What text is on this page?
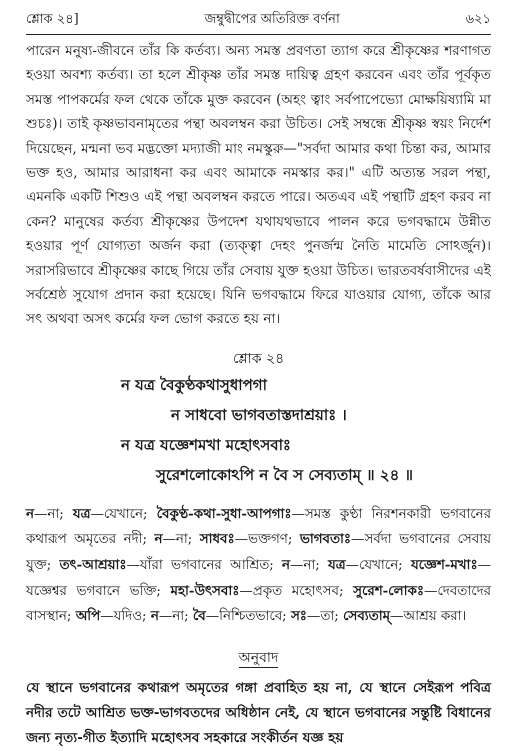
শ্লোক ২৪]	জম্বুদ্বীপের অতিরিক্ত বর্ণনা	৬২১

পারেন মনুষ্য-জীবনে তাঁর কি কর্তব্য। অন্য সমস্ত প্রবণতা ত্যাগ করে শ্রীকৃষ্ণের শরণাগত হওয়া অবশ্য কর্তব্য। তা হলে শ্রীকৃষ্ণ তাঁর সমস্ত দায়িত্ব গ্রহণ করবেন এবং তাঁর পূর্বকৃত সমস্ত পাপকর্মের ফল থেকে তাঁকে মুক্ত করবেন (অহং ত্বাং সর্বপাপেভ্যো মোক্ষয়িষ্যামি মা শুচঃ)। তাই কৃষ্ণভাবনামৃতের পন্থা অবলম্বন করা উচিত। সেই সম্বন্ধে শ্রীকৃষ্ণ স্বয়ং নির্দেশ দিয়েছেন, মন্মনা ভব মদ্ভক্তো মদ্যাজী মাং নমস্কুরু—"সর্বদা আমার কথা চিন্তা কর, আমার ভক্ত হও, আমার আরাধনা কর এবং আমাকে নমস্কার কর।" এটি অত্যন্ত সরল পন্থা, এমনকি একটি শিশুও এই পন্থা অবলম্বন করতে পারে। অতএব এই পন্থাটি গ্রহণ করব না কেন? মানুষের কর্তব্য শ্রীকৃষ্ণের উপদেশ যথাযথভাবে পালন করে ভগবদ্ধামে উন্নীত হওয়ার পূর্ণ যোগ্যতা অর্জন করা (ত্যক্ত্বা দেহং পুনর্জন্ম নৈতি মামেতি সোঽর্জুন)। সরাসরিভাবে শ্রীকৃষ্ণের কাছে গিয়ে তাঁর সেবায় যুক্ত হওয়া উচিত। ভারতবর্ষবাসীদের এই সর্বশ্রেষ্ঠ সুযোগ প্রদান করা হয়েছে। যিনি ভগবদ্ধামে ফিরে যাওয়ার যোগ্য, তাঁকে আর সৎ অথবা অসৎ কর্মের ফল ভোগ করতে হয় না।

শ্লোক ২৪
ন যত্র বৈকুণ্ঠকথাসুধাপগা
ন সাধবো ভাগবতাস্তদাশ্রয়াঃ ।
ন যত্র যজ্ঞেশমখা মহোৎসবাঃ
সুরেশলোকোঽপি ন বৈ স সেব্যতাম্‌ ॥ ২৪ ॥
ন—না; যত্র—যেখানে; বৈকুণ্ঠ-কথা-সুধা-আপগাঃ—সমস্ত কুণ্ঠা নিরশনকারী ভগবানের কথারূপ অমৃতের নদী; ন—না; সাধবঃ—ভক্তগণ; ভাগবতাঃ—সর্বদা ভগবানের সেবায় যুক্ত; তৎ-আশ্রয়াঃ—যাঁরা ভগবানের আশ্রিত; ন—না; যত্র—যেখানে; যজ্ঞেশ-মখাঃ—যজ্ঞেশ্বর ভগবানে ভক্তি; মহা-উৎসবাঃ—প্রকৃত মহোৎসব; সুরেশ-লোকঃ—দেবতাদের বাসস্থান; অপি—যদিও; ন—না; বৈ—নিশ্চিতভাবে; সঃ—তা; সেব্যতাম্‌—আশ্রয় করা।
অনুবাদ
যে স্থানে ভগবানের কথারূপ অমৃতের গঙ্গা প্রবাহিত হয় না, যে স্থানে সেইরূপ পবিত্র নদীর তটে আশ্রিত ভক্ত-ভাগবতদের অধিষ্ঠান নেই, যে স্থানে ভগবানের সন্তুষ্টি বিধানের জন্য নৃত্য-গীত ইত্যাদি মহোৎসব সহকারে সংকীর্তন যজ্ঞ হয়
